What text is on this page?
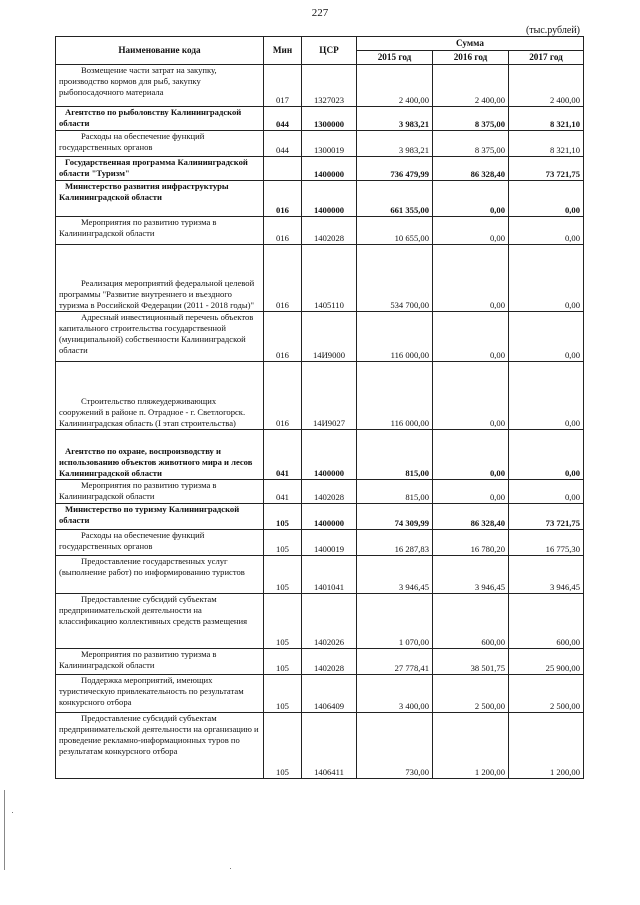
227
(тыс.рублей)
Наименование кода	Мин	ЦСР	Сумма		
			2015 год	2016 год	2017 год
Возмещение части затрат на закупку, производство кормов для рыб, закупку рыбопосадочного материала	017	1327023	2 400,00	2 400,00	2 400,00
Агентство по рыболовству Калининградской области	044	1300000	3 983,21	8 375,00	8 321,10
Расходы на обеспечение функций государственных органов	044	1300019	3 983,21	8 375,00	8 321,10
Государственная программа Калининградской области "Туризм"		1400000	736 479,99	86 328,40	73 721,75
Министерство развития инфраструктуры Калининградской области	016	1400000	661 355,00	0,00	0,00
Мероприятия по развитию туризма в Калининградской области	016	1402028	10 655,00	0,00	0,00
Реализация мероприятий федеральной целевой программы "Развитие внутреннего и въездного туризма в Российской Федерации (2011 - 2018 годы)"	016	1405110	534 700,00	0,00	0,00
Адресный инвестиционный перечень объектов капитального строительства государственной (муниципальной) собственности Калининградской области	016	14И9000	116 000,00	0,00	0,00
Строительство пляжеудерживающих сооружений в районе п. Отрадное - г. Светлогорск. Калининградская область (I этап строительства)	016	14И9027	116 000,00	0,00	0,00
Агентство по охране, воспроизводству и использованию объектов животного мира и лесов Калининградской области	041	1400000	815,00	0,00	0,00
Мероприятия по развитию туризма в Калининградской области	041	1402028	815,00	0,00	0,00
Министерство по туризму Калининградской области	105	1400000	74 309,99	86 328,40	73 721,75
Расходы на обеспечение функций государственных органов	105	1400019	16 287,83	16 780,20	16 775,30
Предоставление государственных услуг (выполнение работ) по информированию туристов	105	1401041	3 946,45	3 946,45	3 946,45
Предоставление субсидий субъектам предпринимательской деятельности на классификацию коллективных средств размещения	105	1402026	1 070,00	600,00	600,00
Мероприятия по развитию туризма в Калининградской области	105	1402028	27 778,41	38 501,75	25 900,00
Поддержка мероприятий, имеющих туристическую привлекательность по результатам конкурсного отбора	105	1406409	3 400,00	2 500,00	2 500,00
Предоставление субсидий субъектам предпринимательской деятельности на организацию и проведение рекламно-информационных туров по результатам конкурсного отбора	105	1406411	730,00	1 200,00	1 200,00
